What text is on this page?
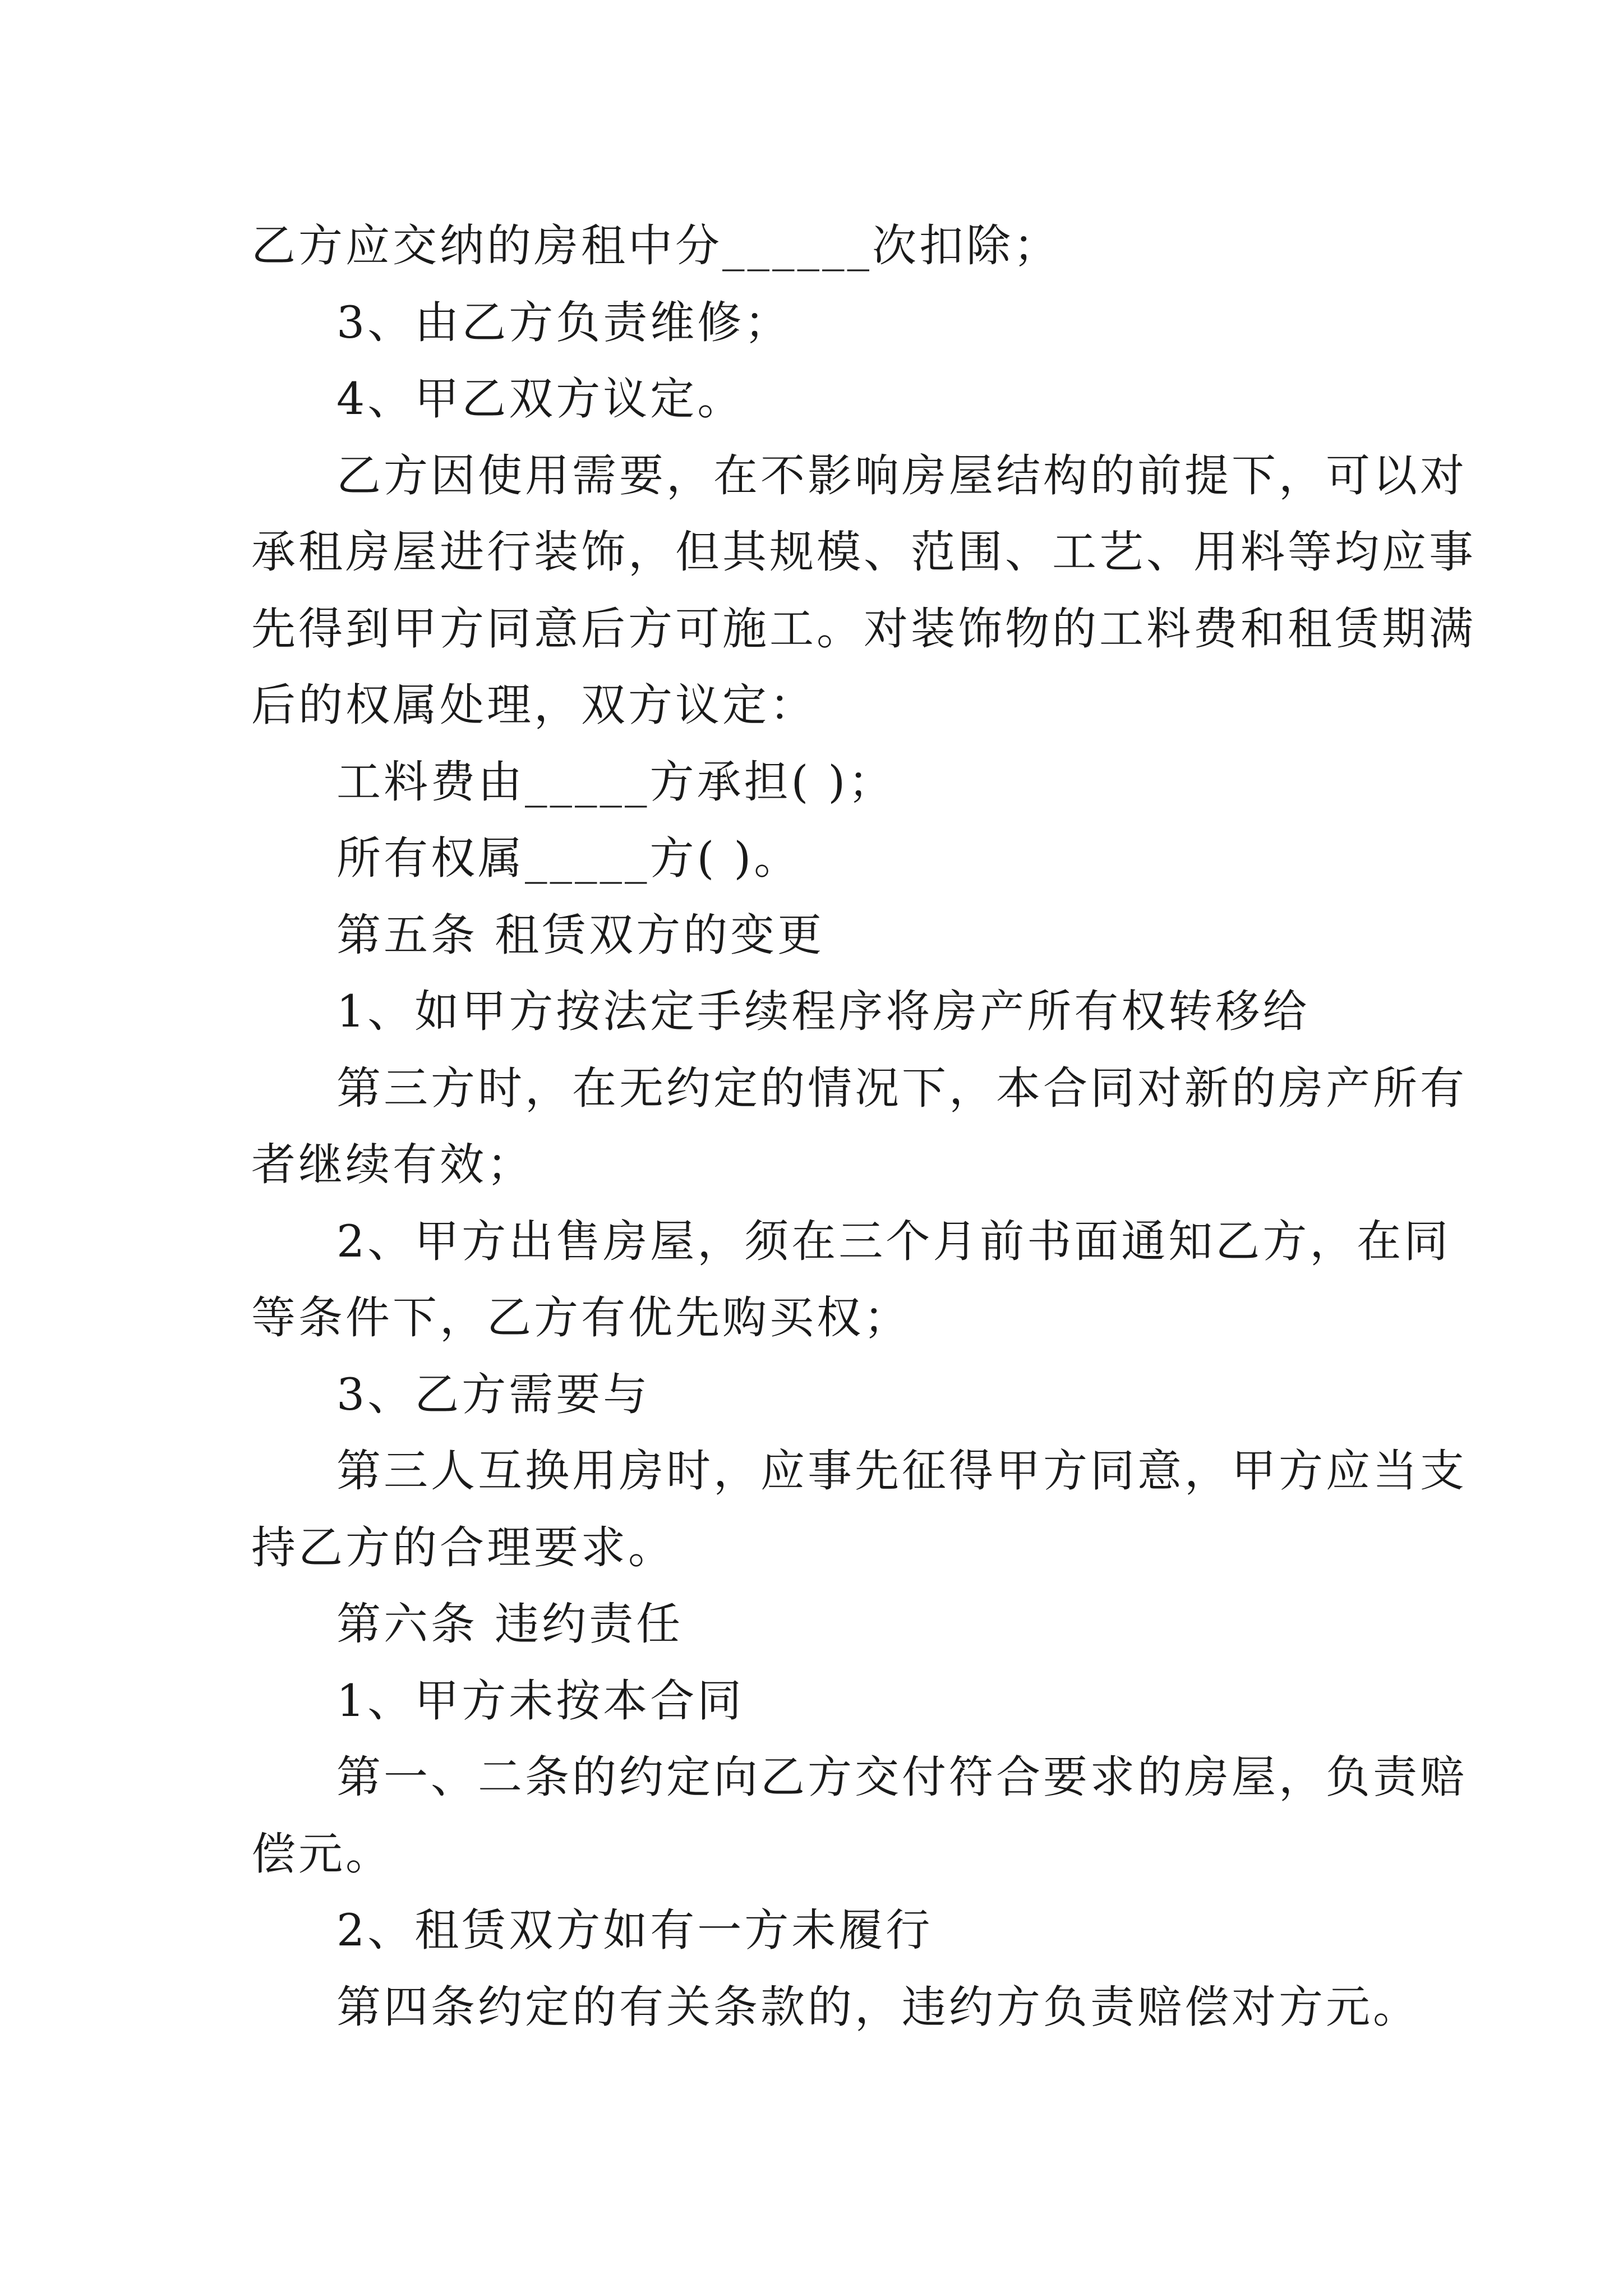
乙方应交纳的房租中分______次扣除；
3、由乙方负责维修；
4、甲乙双方议定。
乙方因使用需要，在不影响房屋结构的前提下，可以对
承租房屋进行装饰，但其规模、范围、工艺、用料等均应事
先得到甲方同意后方可施工。对装饰物的工料费和租赁期满
后的权属处理，双方议定：
工料费由_____方承担( )；
所有权属_____方( )。
第五条 租赁双方的变更
1、如甲方按法定手续程序将房产所有权转移给
第三方时，在无约定的情况下，本合同对新的房产所有
者继续有效；
2、甲方出售房屋，须在三个月前书面通知乙方，在同
等条件下，乙方有优先购买权；
3、乙方需要与
第三人互换用房时，应事先征得甲方同意，甲方应当支
持乙方的合理要求。
第六条 违约责任
1、甲方未按本合同
第一、二条的约定向乙方交付符合要求的房屋，负责赔
偿元。
2、租赁双方如有一方未履行
第四条约定的有关条款的，违约方负责赔偿对方元。
